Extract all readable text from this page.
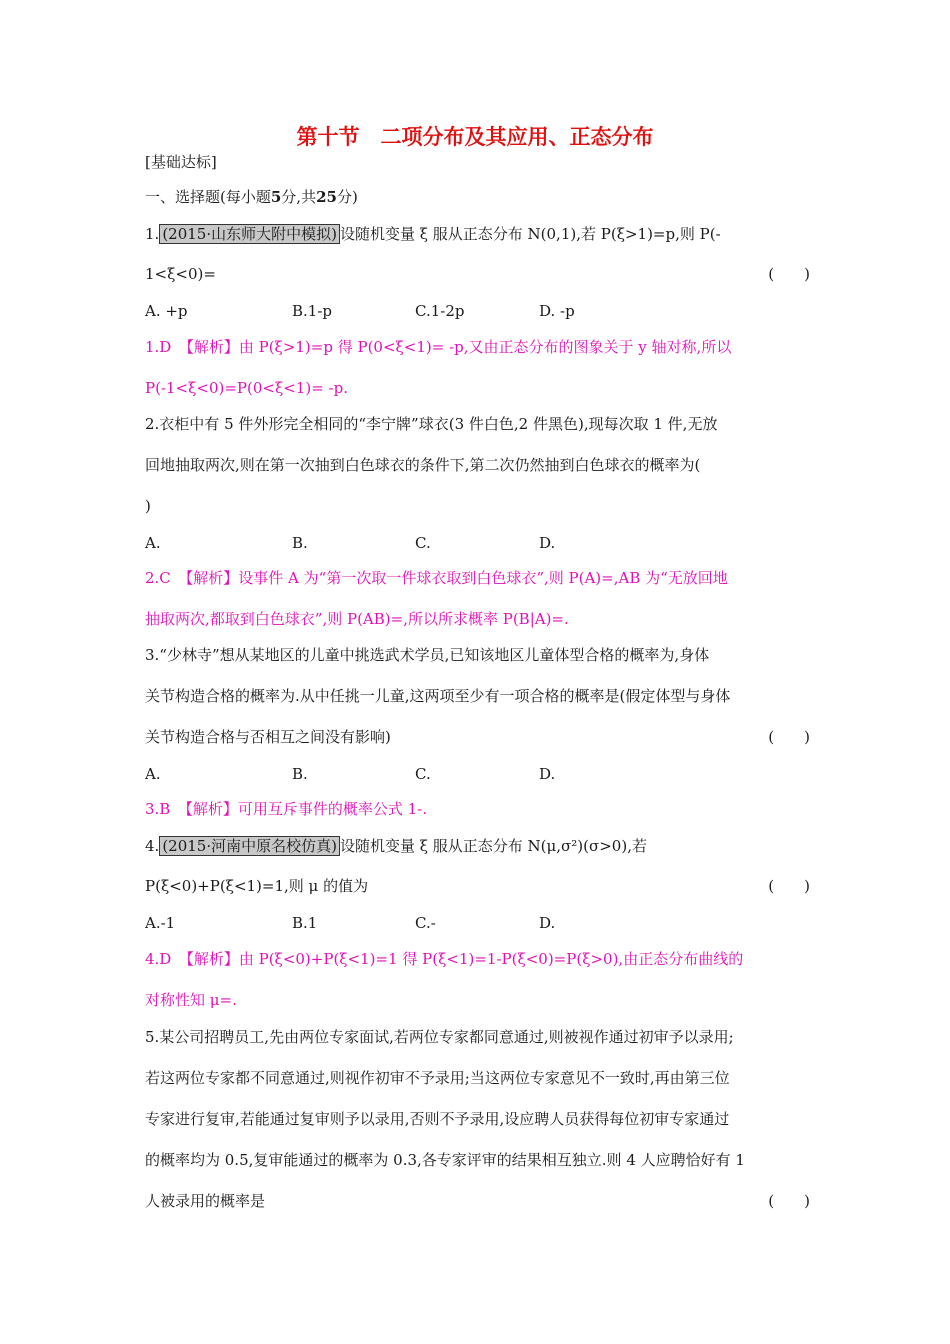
第十节　二项分布及其应用、正态分布
[基础达标]
一、选择题(每小题5分,共25分)
1. (2015·山东师大附中模拟) 设随机变量 ξ 服从正态分布 N(0,1),若 P(ξ>1)=p,则 P(-
1<ξ<0)=	(　　)
A. +p	B.1-p	C.1-2p	D. -p
1.D　【解析】由 P(ξ>1)=p 得 P(0<ξ<1)= -p,又由正态分布的图象关于 y 轴对称,所以
P(-1<ξ<0)=P(0<ξ<1)= -p.
2.衣柜中有 5 件外形完全相同的“李宁牌”球衣(3 件白色,2 件黑色),现每次取 1 件,无放
回地抽取两次,则在第一次抽到白色球衣的条件下,第二次仍然抽到白色球衣的概率为(
)
A.	B.	C.	D.
2.C　【解析】设事件 A 为“第一次取一件球衣取到白色球衣”,则 P(A)=,AB 为“无放回地
抽取两次,都取到白色球衣”,则 P(AB)=,所以所求概率 P(B|A)=.
3.“少林寺”想从某地区的儿童中挑选武术学员,已知该地区儿童体型合格的概率为,身体
关节构造合格的概率为.从中任挑一儿童,这两项至少有一项合格的概率是(假定体型与身体
关节构造合格与否相互之间没有影响)	(　　)
A.	B.	C.	D.
3.B　【解析】可用互斥事件的概率公式 1-.
4. (2015·河南中原名校仿真) 设随机变量 ξ 服从正态分布 N(μ,σ²)(σ>0),若
P(ξ<0)+P(ξ<1)=1,则 μ 的值为	(　　)
A.-1	B.1	C.-	D.
4.D　【解析】由 P(ξ<0)+P(ξ<1)=1 得 P(ξ<1)=1-P(ξ<0)=P(ξ>0),由正态分布曲线的
对称性知 μ=.
5.某公司招聘员工,先由两位专家面试,若两位专家都同意通过,则被视作通过初审予以录用;
若这两位专家都不同意通过,则视作初审不予录用;当这两位专家意见不一致时,再由第三位
专家进行复审,若能通过复审则予以录用,否则不予录用,设应聘人员获得每位初审专家通过
的概率均为 0.5,复审能通过的概率为 0.3,各专家评审的结果相互独立.则 4 人应聘恰好有 1
人被录用的概率是	(　　)
